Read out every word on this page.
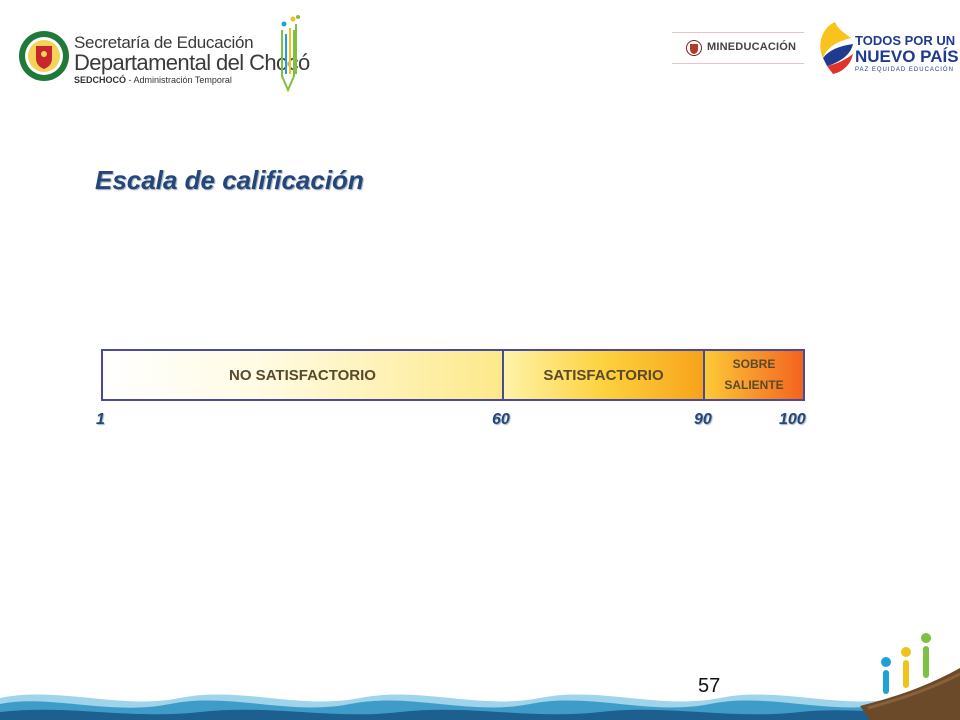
Secretaría de Educación
Departamental del Chocó
SEDCHOCÓ - Administración Temporal
MINEDUCACIÓN	TODOS POR UN
NUEVO PAÍS
PAZ EQUIDAD EDUCACIÓN
Escala de calificación
NO SATISFACTORIO	SATISFACTORIO
SOBRE
SALIENTE
1	60	90	100
57
